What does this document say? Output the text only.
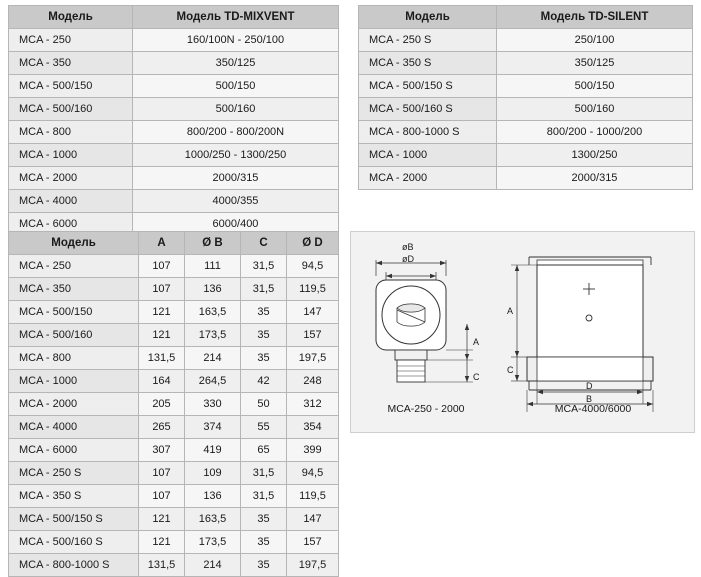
Модель	Модель TD-MIXVENT
MCA - 250	160/100N - 250/100
MCA - 350	350/125
MCA - 500/150	500/150
MCA - 500/160	500/160
MCA - 800	800/200 - 800/200N
MCA - 1000	1000/250 - 1300/250
MCA - 2000	2000/315
MCA - 4000	4000/355
MCA - 6000	6000/400
Модель	Модель TD-SILENT
MCA - 250 S	250/100
MCA - 350 S	350/125
MCA - 500/150 S	500/150
MCA - 500/160 S	500/160
MCA - 800-1000 S	800/200 - 1000/200
MCA - 1000	1300/250
MCA - 2000	2000/315
Модель	A	Ø B	C	Ø D
MCA - 250	107	111	31,5	94,5
MCA - 350	107	136	31,5	119,5
MCA - 500/150	121	163,5	35	147
MCA - 500/160	121	173,5	35	157
MCA - 800	131,5	214	35	197,5
MCA - 1000	164	264,5	42	248
MCA - 2000	205	330	50	312
MCA - 4000	265	374	55	354
MCA - 6000	307	419	65	399
MCA - 250 S	107	109	31,5	94,5
MCA - 350 S	107	136	31,5	119,5
MCA - 500/150 S	121	163,5	35	147
MCA - 500/160 S	121	173,5	35	157
MCA - 800-1000 S	131,5	214	35	197,5
A
C
øB
øD
A
C
D
B
MCA-250 - 2000	MCA-4000/6000
